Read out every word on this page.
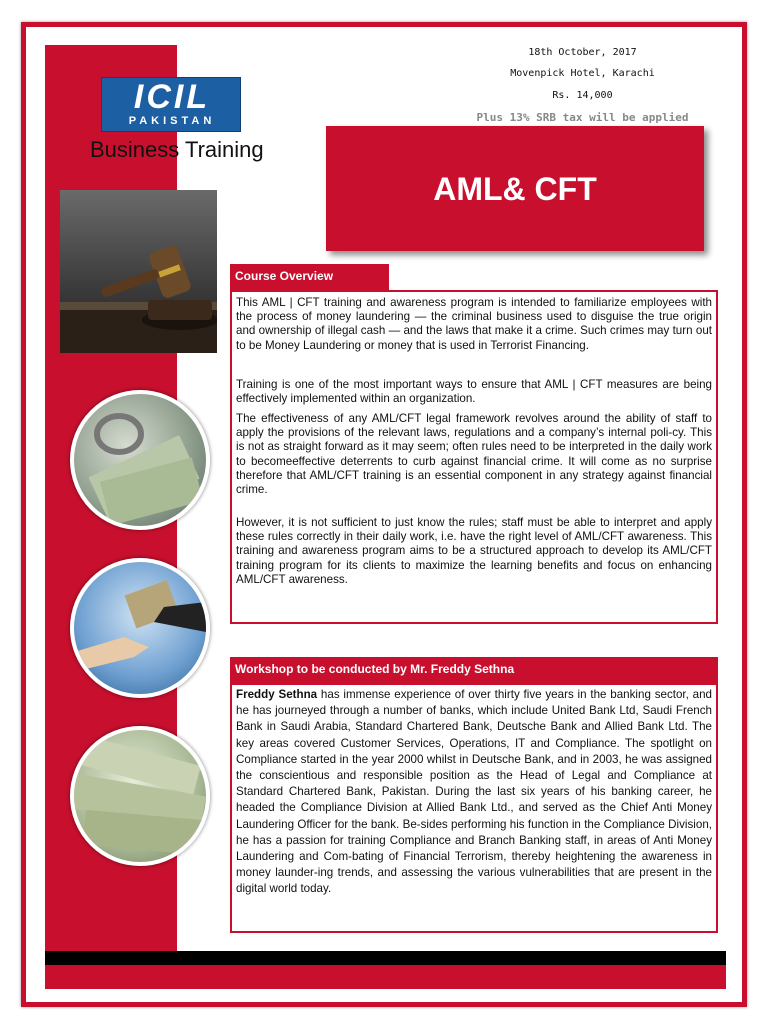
ICIL
PAKISTAN
Business Training
18th October, 2017
Movenpick Hotel, Karachi
Rs. 14,000
Plus 13% SRB tax will be applied
AML& CFT
Course Overview

This AML | CFT training and awareness program is intended to familiarize employees with the process of money laundering — the criminal business used to disguise the true origin and ownership of illegal cash — and the laws that make it a crime. Such crimes may turn out to be Money Laundering or money that is used in Terrorist Financing.

Training is one of the most important ways to ensure that AML | CFT measures are being effectively implemented within an organization.

The effectiveness of any AML/CFT legal framework revolves around the ability of staff to apply the provisions of the relevant laws, regulations and a company’s internal poli-cy. This is not as straight forward as it may seem; often rules need to be interpreted in the daily work to becomeeffective deterrents to curb against financial crime. It will come as no surprise therefore that AML/CFT training is an essential component in any strategy against financial crime.

However, it is not sufficient to just know the rules; staff must be able to interpret and apply these rules correctly in their daily work, i.e. have the right level of AML/CFT awareness. This training and awareness program aims to be a structured approach to develop its AML/CFT training program for its clients to maximize the learning benefits and focus on enhancing AML/CFT awareness.

Workshop to be conducted by Mr. Freddy Sethna

Freddy Sethna has immense experience of over thirty five years in the banking sector, and he has journeyed through a number of banks, which include United Bank Ltd, Saudi French Bank in Saudi Arabia, Standard Chartered Bank, Deutsche Bank and Allied Bank Ltd. The key areas covered Customer Services, Operations, IT and Compliance. The spotlight on Compliance started in the year 2000 whilst in Deutsche Bank, and in 2003, he was assigned the conscientious and responsible position as the Head of Legal and Compliance at Standard Chartered Bank, Pakistan. During the last six years of his banking career, he headed the Compliance Division at Allied Bank Ltd., and served as the Chief Anti Money Laundering Officer for the bank. Be-sides performing his function in the Compliance Division, he has a passion for training Compliance and Branch Banking staff, in areas of Anti Money Laundering and Com-bating of Financial Terrorism, thereby heightening the awareness in money launder-ing trends, and assessing the various vulnerabilities that are present in the digital world today.
